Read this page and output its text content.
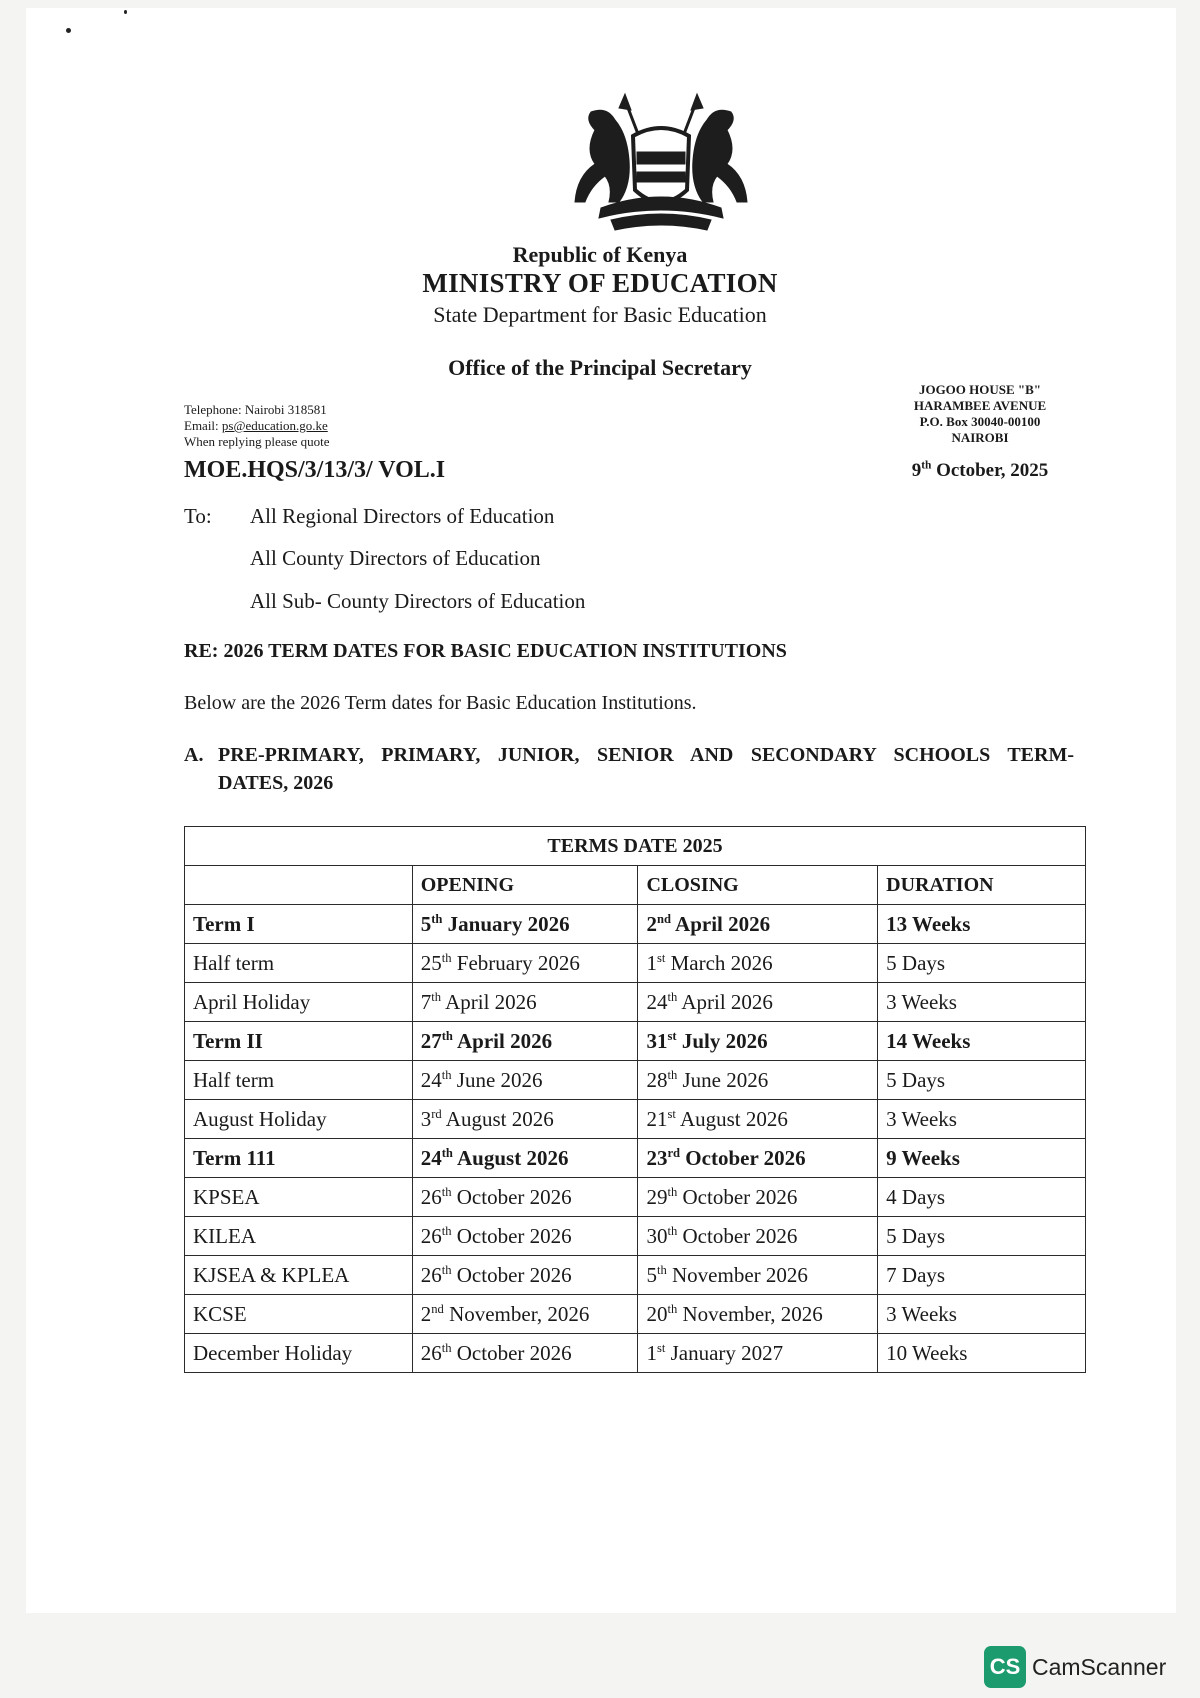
Republic of Kenya
MINISTRY OF EDUCATION
State Department for Basic Education
Office of the Principal Secretary
Telephone: Nairobi 318581
Email: ps@education.go.ke
When replying please quote
MOE.HQS/3/13/3/ VOL.I
JOGOO HOUSE "B"
HARAMBEE AVENUE
P.O. Box 30040-00100
NAIROBI
9th October, 2025
To: All Regional Directors of Education
All County Directors of Education
All Sub- County Directors of Education
RE: 2026 TERM DATES FOR BASIC EDUCATION INSTITUTIONS
Below are the 2026 Term dates for Basic Education Institutions.
A. PRE-PRIMARY, PRIMARY, JUNIOR, SENIOR AND SECONDARY SCHOOLS TERM-
DATES, 2026
TERMS DATE 2025			
	OPENING	CLOSING	DURATION
Term I	5th January 2026	2nd April 2026	13 Weeks
Half term	25th February 2026	1st March 2026	5 Days
April Holiday	7th April 2026	24th April 2026	3 Weeks
Term II	27th April 2026	31st July 2026	14 Weeks
Half term	24th June 2026	28th June 2026	5 Days
August Holiday	3rd August 2026	21st August 2026	3 Weeks
Term 111	24th August 2026	23rd October 2026	9 Weeks
KPSEA	26th October 2026	29th October 2026	4 Days
KILEA	26th October 2026	30th October 2026	5 Days
KJSEA & KPLEA	26th October 2026	5th November 2026	7 Days
KCSE	2nd November, 2026	20th November, 2026	3 Weeks
December Holiday	26th October 2026	1st January 2027	10 Weeks
CS CamScanner
